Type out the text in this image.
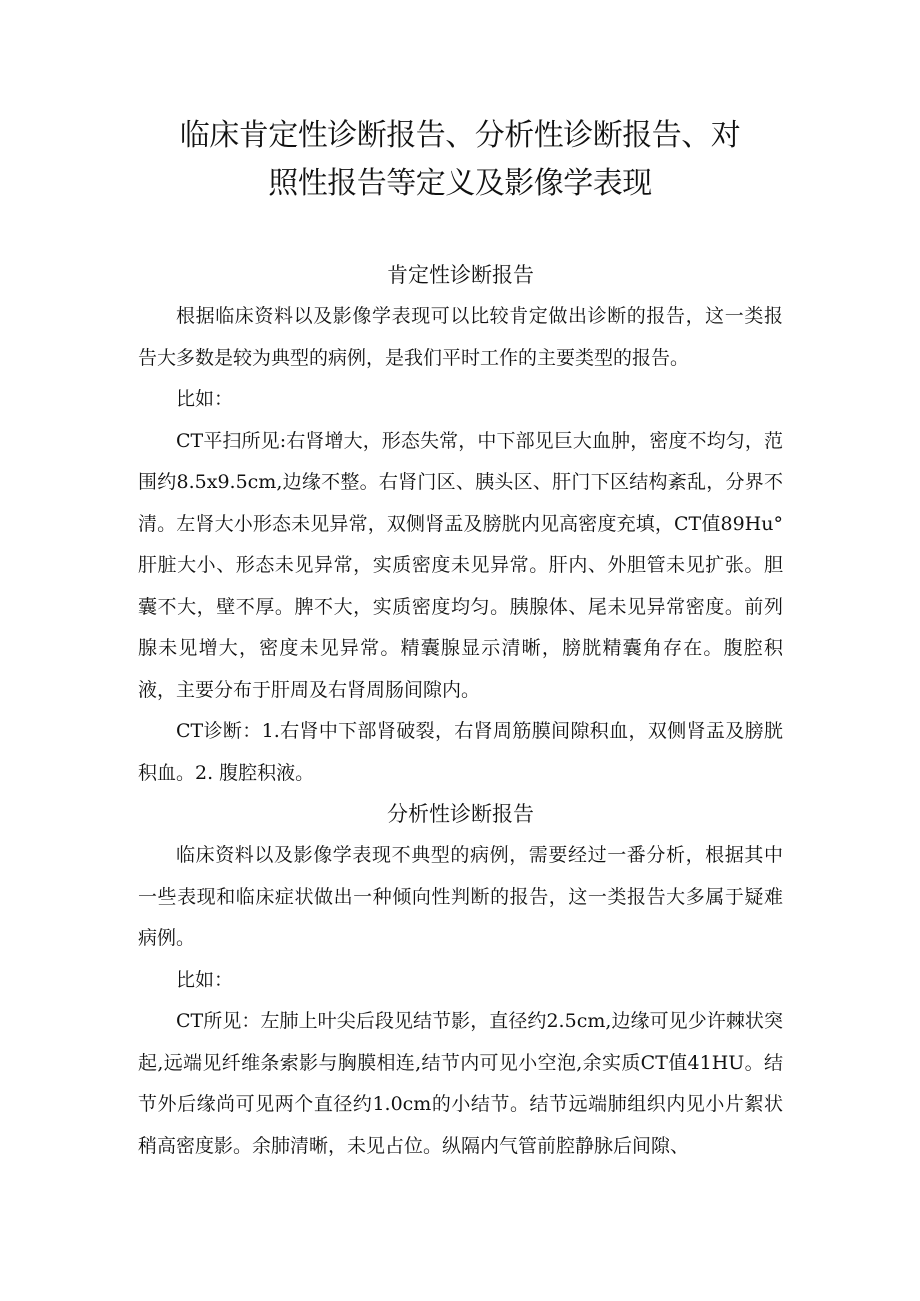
临床肯定性诊断报告、分析性诊断报告、对
照性报告等定义及影像学表现
肯定性诊断报告

根据临床资料以及影像学表现可以比较肯定做出诊断的报告，这一类报告大多数是较为典型的病例，是我们平时工作的主要类型的报告。

比如：

CT平扫所见:右肾增大，形态失常，中下部见巨大血肿，密度不均匀，范围约8.5x9.5cm,边缘不整。右肾门区、胰头区、肝门下区结构紊乱，分界不清。左肾大小形态未见异常，双侧肾盂及膀胱内见高密度充填，CT值89Hu°肝脏大小、形态未见异常，实质密度未见异常。肝内、外胆管未见扩张。胆囊不大，壁不厚。脾不大，实质密度均匀。胰腺体、尾未见异常密度。前列腺未见增大，密度未见异常。精囊腺显示清晰，膀胱精囊角存在。腹腔积液，主要分布于肝周及右肾周肠间隙内。

CT诊断：1.右肾中下部肾破裂，右肾周筋膜间隙积血，双侧肾盂及膀胱积血。2. 腹腔积液。

分析性诊断报告

临床资料以及影像学表现不典型的病例，需要经过一番分析，根据其中一些表现和临床症状做出一种倾向性判断的报告，这一类报告大多属于疑难病例。

比如：

CT所见：左肺上叶尖后段见结节影，直径约2.5cm,边缘可见少许棘状突起,远端见纤维条索影与胸膜相连,结节内可见小空泡,余实质CT值41HU。结节外后缘尚可见两个直径约1.0cm的小结节。结节远端肺组织内见小片絮状稍高密度影。余肺清晰，未见占位。纵隔内气管前腔静脉后间隙、
